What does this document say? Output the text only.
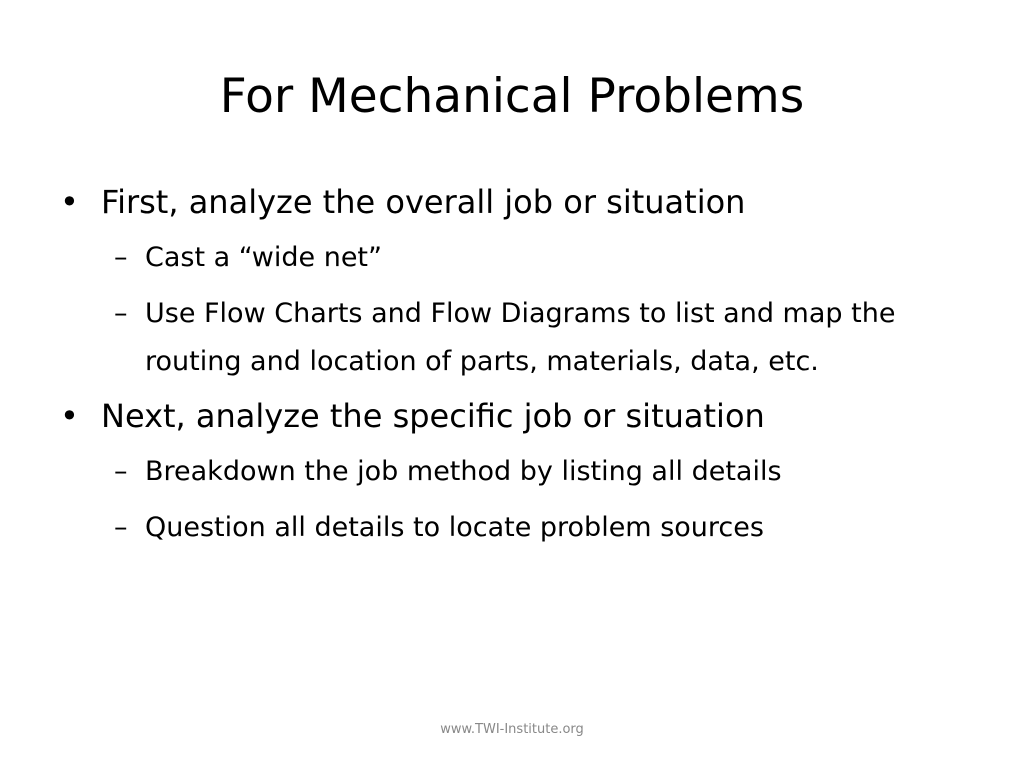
For Mechanical Problems
• First, analyze the overall job or situation
– Cast a “wide net”
– Use Flow Charts and Flow Diagrams to list and map the routing and location of parts, materials, data, etc.
• Next, analyze the specific job or situation
– Breakdown the job method by listing all details
– Question all details to locate problem sources
www.TWI-Institute.org
